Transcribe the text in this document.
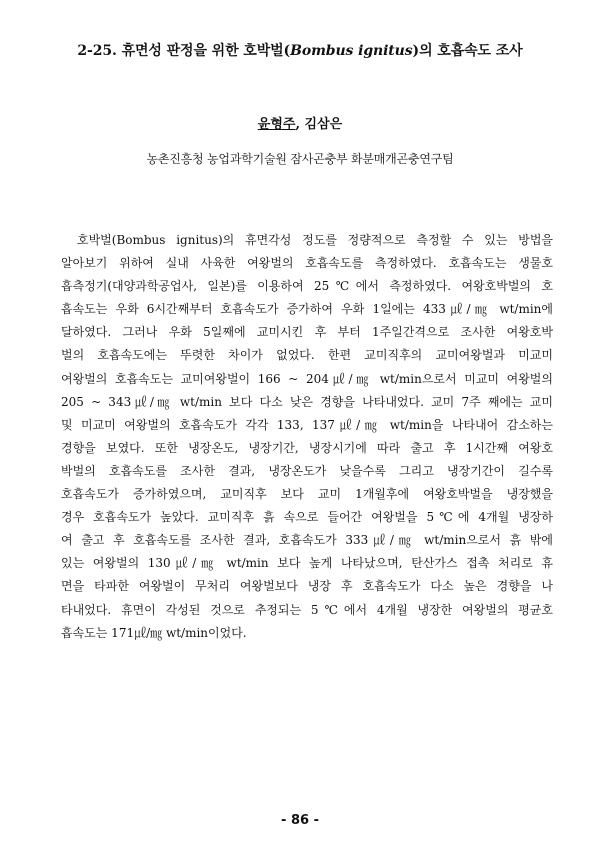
2-25. 휴면성 판정을 위한 호박벌(Bombus ignitus)의 호흡속도 조사
윤형주, 김삼은
농촌진흥청 농업과학기술원 잠사곤충부 화분매개곤충연구팀
호박벌(Bombus ignitus)의 휴면각성 정도를 정량적으로 측정할 수 있는 방법을
알아보기 위하여 실내 사육한 여왕벌의 호흡속도를 측정하였다. 호흡속도는 생물호
흡측정기(대양과학공업사, 일본)를 이용하여 25℃에서 측정하였다. 여왕호박벌의 호
흡속도는 우화 6시간째부터 호흡속도가 증가하여 우화 1일에는 433㎕/㎎ wt/min에
달하였다. 그러나 우화 5일째에 교미시킨 후 부터 1주일간격으로 조사한 여왕호박
벌의 호흡속도에는 뚜렷한 차이가 없었다. 한편 교미직후의 교미여왕벌과 미교미
여왕벌의 호흡속도는 교미여왕벌이 166 ~ 204㎕/㎎ wt/min으로서 미교미 여왕벌의
205 ~ 343㎕/㎎ wt/min 보다 다소 낮은 경향을 나타내었다. 교미 7주 째에는 교미
및 미교미 여왕벌의 호흡속도가 각각 133, 137㎕/㎎ wt/min을 나타내어 감소하는
경향을 보였다. 또한 냉장온도, 냉장기간, 냉장시기에 따라 출고 후 1시간째 여왕호
박벌의 호흡속도를 조사한 결과, 냉장온도가 낮을수록 그리고 냉장기간이 길수록
호흡속도가 증가하였으며, 교미직후 보다 교미 1개월후에 여왕호박벌을 냉장했을
경우 호흡속도가 높았다. 교미직후 흙 속으로 들어간 여왕벌을 5℃에 4개월 냉장하
여 출고 후 호흡속도를 조사한 결과, 호흡속도가 333㎕/㎎ wt/min으로서 흙 밖에
있는 여왕벌의 130㎕/㎎ wt/min 보다 높게 나타났으며, 탄산가스 접촉 처리로 휴
면을 타파한 여왕벌이 무처리 여왕벌보다 냉장 후 호흡속도가 다소 높은 경향을 나
타내었다. 휴면이 각성된 것으로 추정되는 5℃에서 4개월 냉장한 여왕벌의 평균호
흡속도는 171㎕/㎎ wt/min이었다.
- 86 -
